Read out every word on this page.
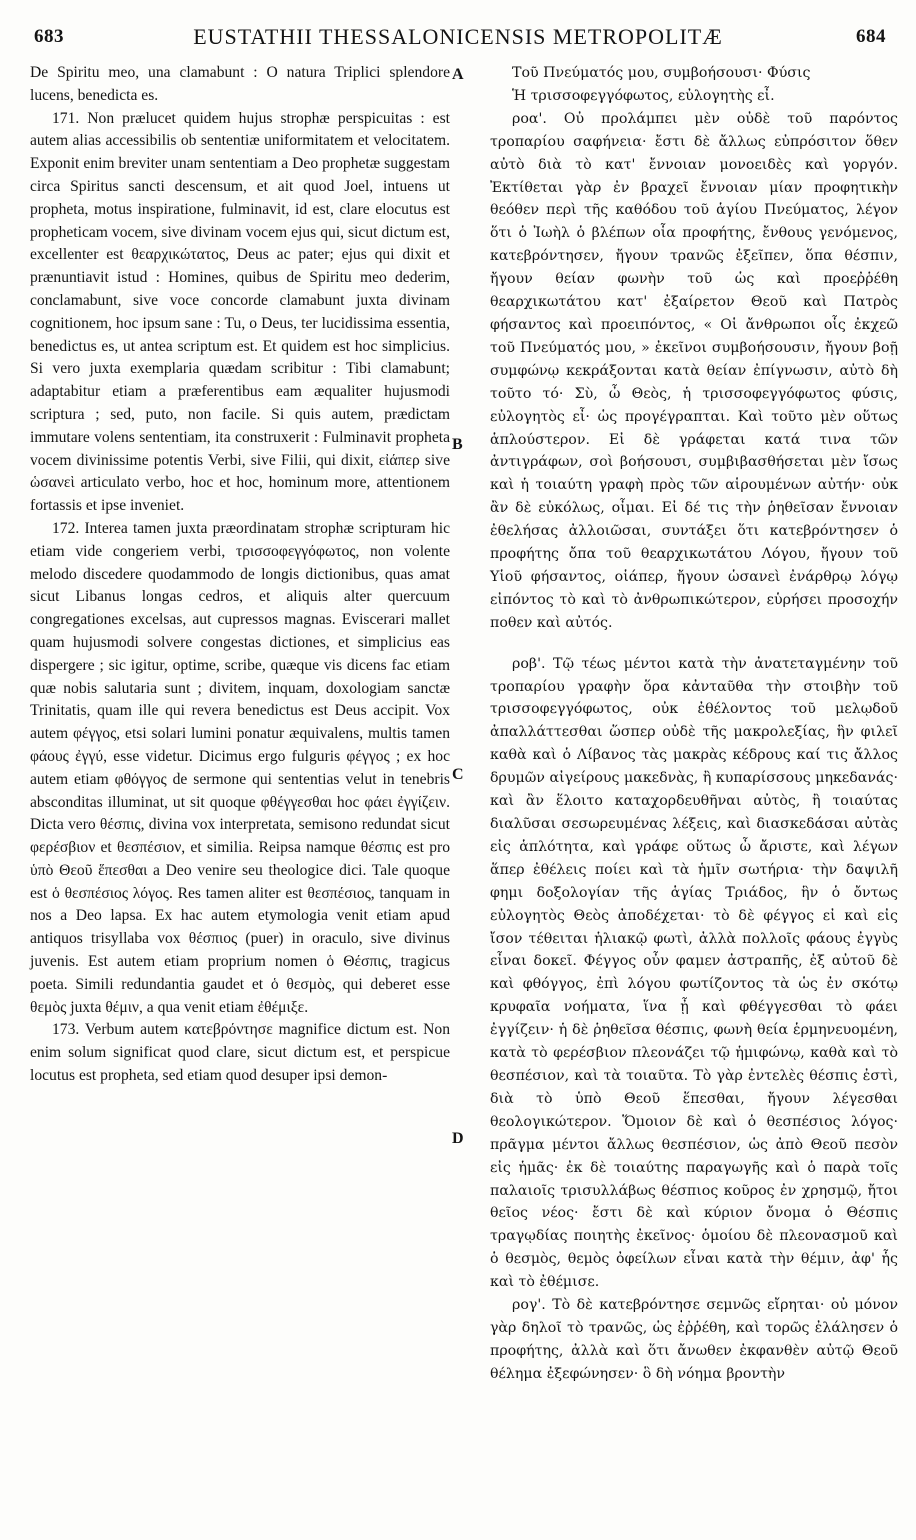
683	EUSTATHII THESSALONICENSIS METROPOLITÆ	684

De Spiritu meo, una clamabunt : O natura Triplici splendore lucens, benedicta es.

171. Non prælucet quidem hujus strophæ perspicuitas : est autem alias accessibilis ob sententiæ uniformitatem et velocitatem. Exponit enim breviter unam sententiam a Deo prophetæ suggestam circa Spiritus sancti descensum, et ait quod Joel, intuens ut propheta, motus inspiratione, fulminavit, id est, clare elocutus est propheticam vocem, sive divinam vocem ejus qui, sicut dictum est, excellenter est θεαρχικώτατος, Deus ac pater; ejus qui dixit et prænuntiavit istud : Homines, quibus de Spiritu meo dederim, conclamabunt, sive voce concorde clamabunt juxta divinam cognitionem, hoc ipsum sane : Tu, o Deus, ter lucidissima essentia, benedictus es, ut antea scriptum est. Et quidem est hoc simplicius. Si vero juxta exemplaria quædam scribitur : Tibi clamabunt; adaptabitur etiam a præferentibus eam æqualiter hujusmodi scriptura ; sed, puto, non facile. Si quis autem, prædictam immutare volens sententiam, ita construxerit : Fulminavit propheta vocem divinissime potentis Verbi, sive Filii, qui dixit, εἰάπερ sive ὡσανεὶ articulato verbo, hoc et hoc, hominum more, attentionem fortassis et ipse inveniet.

172. Interea tamen juxta præordinatam strophæ scripturam hic etiam vide congeriem verbi, τρισσοφεγγόφωτος, non volente melodo discedere quodammodo de longis dictionibus, quas amat sicut Libanus longas cedros, et aliquis alter quercuum congregationes excelsas, aut cupressos magnas. Eviscerari mallet quam hujusmodi solvere congestas dictiones, et simplicius eas dispergere ; sic igitur, optime, scribe, quæque vis dicens fac etiam quæ nobis salutaria sunt ; divitem, inquam, doxologiam sanctæ Trinitatis, quam ille qui revera benedictus est Deus accipit. Vox autem φέγγος, etsi solari lumini ponatur æquivalens, multis tamen φάους ἐγγύ, esse videtur. Dicimus ergo fulguris φέγγος ; ex hoc autem etiam φθόγγος de sermone qui sententias velut in tenebris absconditas illuminat, ut sit quoque φθέγγεσθαι hoc φάει ἐγγίζειν. Dicta vero θέσπις, divina vox interpretata, semisono redundat sicut φερέσβιον et θεσπέσιον, et similia. Reipsa namque θέσπις est pro ὑπὸ Θεοῦ ἕπεσθαι a Deo venire seu theologice dici. Tale quoque est ὁ θεσπέσιος λόγος. Res tamen aliter est θεσπέσιος, tanquam in nos a Deo lapsa. Ex hac autem etymologia venit etiam apud antiquos trisyllaba vox θέσπιος (puer) in oraculo, sive divinus juvenis. Est autem etiam proprium nomen ὁ Θέσπις, tragicus poeta. Simili redundantia gaudet et ὁ θεσμὸς, qui deberet esse θεμὸς juxta θέμιν, a qua venit etiam ἐθέμιξε.

173. Verbum autem κατεβρόντησε magnifice dictum est. Non enim solum significat quod clare, sicut dictum est, et perspicue locutus est propheta, sed etiam quod desuper ipsi demon-

A
B
C
D

Τοῦ Πνεύματός μου, συμβοήσουσι· Φύσις

Ἡ τρισσοφεγγόφωτος, εὐλογητὴς εἶ.

ροα'. Οὐ προλάμπει μὲν οὐδὲ τοῦ παρόντος τροπαρίου σαφήνεια· ἔστι δὲ ἄλλως εὐπρόσιτον ὅθεν αὐτὸ διὰ τὸ κατ' ἔννοιαν μονοειδὲς καὶ γοργόν. Ἐκτίθεται γὰρ ἐν βραχεῖ ἔννοιαν μίαν προφητικὴν θεόθεν περὶ τῆς καθόδου τοῦ ἁγίου Πνεύματος, λέγον ὅτι ὁ Ἰωὴλ ὁ βλέπων οἷα προφήτης, ἔνθους γενόμενος, κατεβρόντησεν, ἤγουν τρανῶς ἐξεῖπεν, ὅπα θέσπιν, ἤγουν θείαν φωνὴν τοῦ ὡς καὶ προεῤῥέθη θεαρχικωτάτου κατ' ἐξαίρετον Θεοῦ καὶ Πατρὸς φήσαντος καὶ προειπόντος, « Οἱ ἄνθρωποι οἷς ἐκχεῶ τοῦ Πνεύματός μου, » ἐκεῖνοι συμβοήσουσιν, ἤγουν βοῇ συμφώνῳ κεκράξονται κατὰ θείαν ἐπίγνωσιν, αὐτὸ δὴ τοῦτο τό· Σὺ, ὦ Θεὸς, ἡ τρισσοφεγγόφωτος φύσις, εὐλογητὸς εἶ· ὡς προγέγραπται. Καὶ τοῦτο μὲν οὕτως ἁπλούστερον. Εἰ δὲ γράφεται κατά τινα τῶν ἀντιγράφων, σοὶ βοήσουσι, συμβιβασθήσεται μὲν ἴσως καὶ ἡ τοιαύτη γραφὴ πρὸς τῶν αἱρουμένων αὐτήν· οὐκ ἂν δὲ εὐκόλως, οἶμαι. Εἰ δέ τις τὴν ῥηθεῖσαν ἔννοιαν ἐθελήσας ἀλλοιῶσαι, συντάξει ὅτι κατεβρόντησεν ὁ προφήτης ὄπα τοῦ θεαρχικωτάτου Λόγου, ἤγουν τοῦ Υἱοῦ φήσαντος, οἱάπερ, ἤγουν ὡσανεὶ ἐνάρθρῳ λόγῳ εἰπόντος τὸ καὶ τὸ ἀνθρωπικώτερον, εὑρήσει προσοχήν ποθεν καὶ αὐτός.

ροβ'. Τῷ τέως μέντοι κατὰ τὴν ἀνατεταγμένην τοῦ τροπαρίου γραφὴν ὅρα κἀνταῦθα τὴν στοιβὴν τοῦ τρισσοφεγγόφωτος, οὐκ ἐθέλοντος τοῦ μελῳδοῦ ἀπαλλάττεσθαι ὥσπερ οὐδὲ τῆς μακρολεξίας, ἣν φιλεῖ καθὰ καὶ ὁ Λίβανος τὰς μακρὰς κέδρους καί τις ἄλλος δρυμῶν αἰγείρους μακεδνὰς, ἢ κυπαρίσσους μηκεδανάς· καὶ ἂν ἕλοιτο καταχορδευθῆναι αὐτὸς, ἢ τοιαύτας διαλῦσαι σεσωρευμένας λέξεις, καὶ διασκεδάσαι αὐτὰς εἰς ἁπλότητα, καὶ γράφε οὕτως ὦ ἄριστε, καὶ λέγων ἅπερ ἐθέλεις ποίει καὶ τὰ ἡμῖν σωτήρια· τὴν δαψιλῆ φημι δοξολογίαν τῆς ἁγίας Τριάδος, ἣν ὁ ὄντως εὐλογητὸς Θεὸς ἀποδέχεται· τὸ δὲ φέγγος εἰ καὶ εἰς ἴσον τέθειται ἡλιακῷ φωτὶ, ἀλλὰ πολλοῖς φάους ἐγγὺς εἶναι δοκεῖ. Φέγγος οὖν φαμεν ἀστραπῆς, ἐξ αὐτοῦ δὲ καὶ φθόγγος, ἐπὶ λόγου φωτίζοντος τὰ ὡς ἐν σκότῳ κρυφαῖα νοήματα, ἵνα ᾖ καὶ φθέγγεσθαι τὸ φάει ἐγγίζειν· ἡ δὲ ῥηθεῖσα θέσπις, φωνὴ θεία ἑρμηνευομένη, κατὰ τὸ φερέσβιον πλεονάζει τῷ ἡμιφώνῳ, καθὰ καὶ τὸ θεσπέσιον, καὶ τὰ τοιαῦτα. Τὸ γὰρ ἐντελὲς θέσπις ἐστὶ, διὰ τὸ ὑπὸ Θεοῦ ἕπεσθαι, ἤγουν λέγεσθαι θεολογικώτερον. Ὅμοιον δὲ καὶ ὁ θεσπέσιος λόγος· πρᾶγμα μέντοι ἄλλως θεσπέσιον, ὡς ἀπὸ Θεοῦ πεσὸν εἰς ἡμᾶς· ἐκ δὲ τοιαύτης παραγωγῆς καὶ ὁ παρὰ τοῖς παλαιοῖς τρισυλλάβως θέσπιος κοῦρος ἐν χρησμῷ, ἤτοι θεῖος νέος· ἔστι δὲ καὶ κύριον ὄνομα ὁ Θέσπις τραγῳδίας ποιητὴς ἐκεῖνος· ὁμοίου δὲ πλεονασμοῦ καὶ ὁ θεσμὸς, θεμὸς ὀφείλων εἶναι κατὰ τὴν θέμιν, ἀφ' ἧς καὶ τὸ ἐθέμισε.

ρογ'. Τὸ δὲ κατεβρόντησε σεμνῶς εἴρηται· οὐ μόνον γὰρ δηλοῖ τὸ τρανῶς, ὡς ἐῤῥέθη, καὶ τορῶς ἐλάλησεν ὁ προφήτης, ἀλλὰ καὶ ὅτι ἄνωθεν ἐκφανθὲν αὐτῷ Θεοῦ θέλημα ἐξεφώνησεν· ὃ δὴ νόημα βροντὴν
